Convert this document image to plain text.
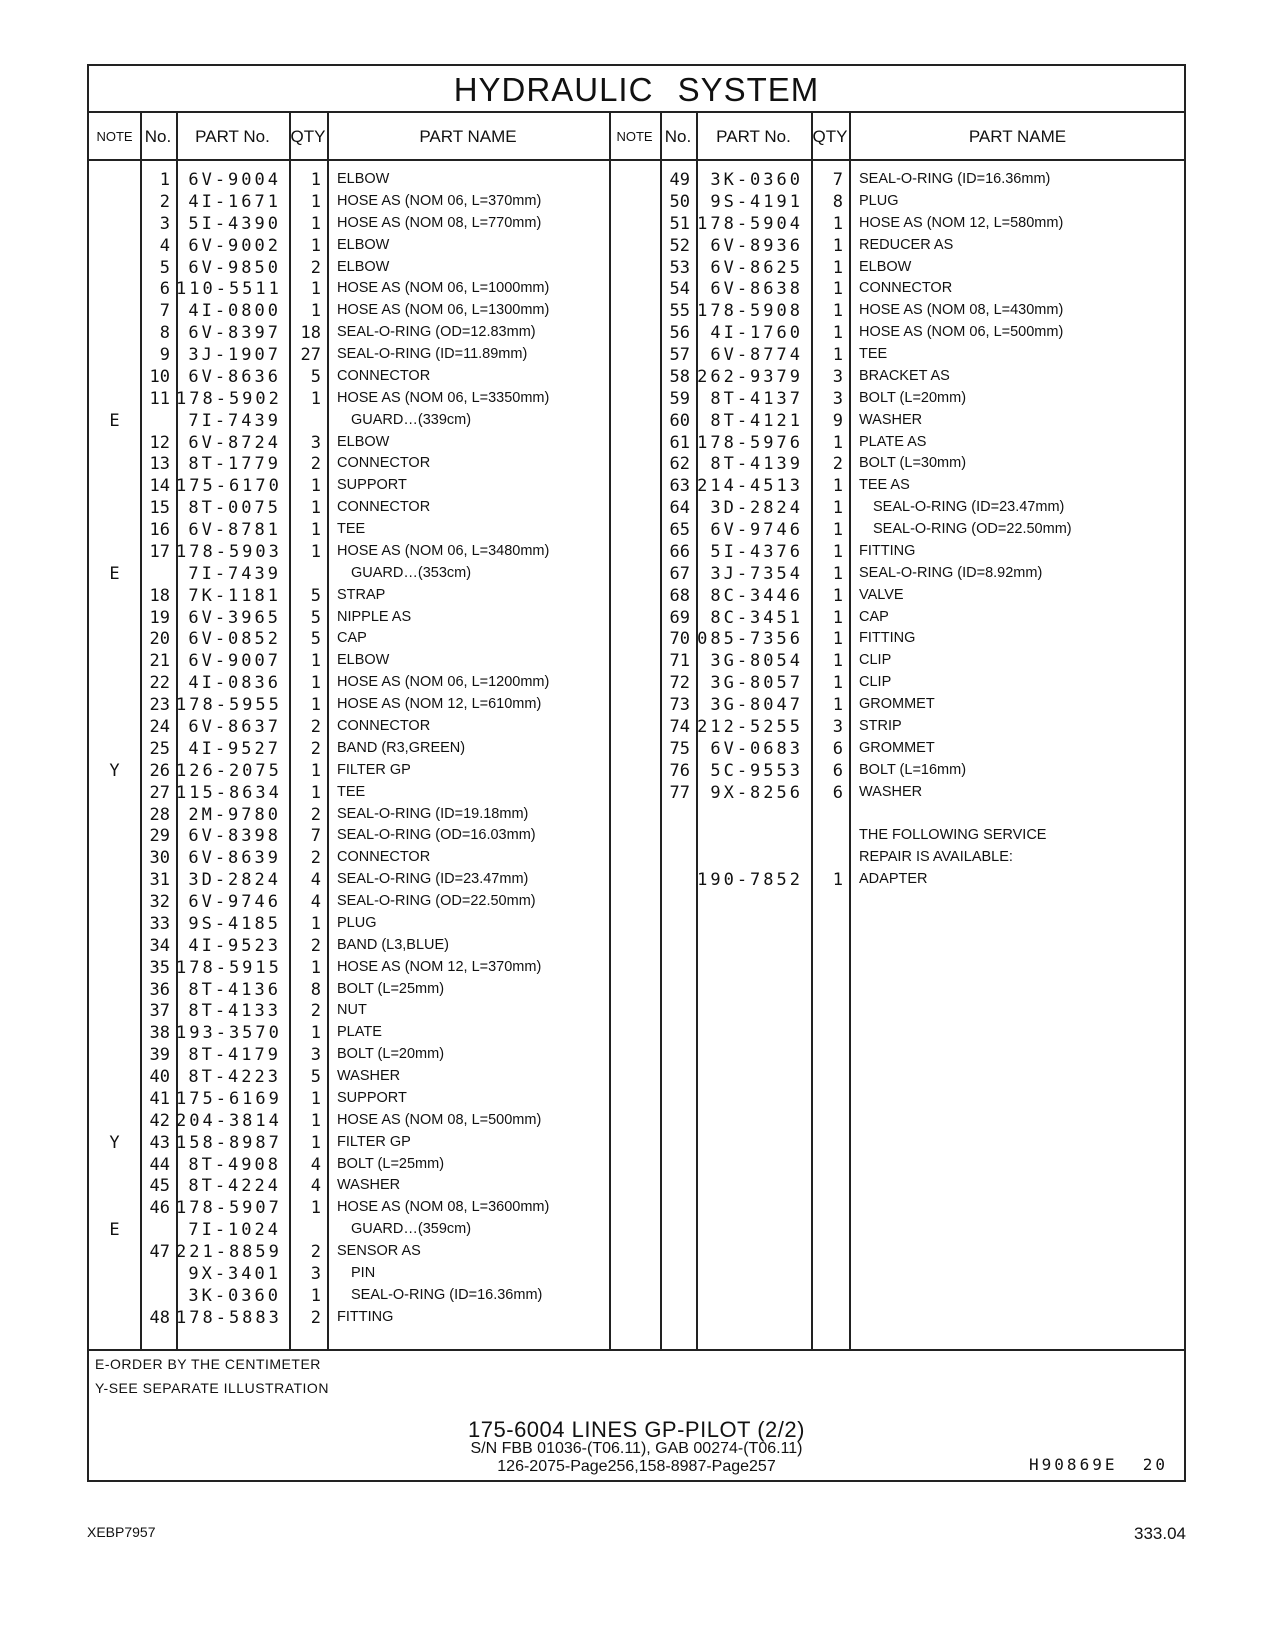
HYDRAULIC SYSTEM
NOTE No.	PART No.	QTY	PART NAME	NOTE No.	PART No.	QTY	PART NAME
1	6V-9004	1 ELBOW
2	4I-1671	1 HOSE AS (NOM 06, L=370mm)
3	5I-4390	1 HOSE AS (NOM 08, L=770mm)
4	6V-9002	1 ELBOW
5	6V-9850	2 ELBOW
6 110-5511	1 HOSE AS (NOM 06, L=1000mm)
7	4I-0800	1 HOSE AS (NOM 06, L=1300mm)
8	6V-8397	18 SEAL-O-RING (OD=12.83mm)
9	3J-1907	27 SEAL-O-RING (ID=11.89mm)
10	6V-8636	5 CONNECTOR
11 178-5902	1 HOSE AS (NOM 06, L=3350mm)
E	7I-7439	GUARD…(339cm)
12	6V-8724	3 ELBOW
13	8T-1779	2 CONNECTOR
14 175-6170	1 SUPPORT
15	8T-0075	1 CONNECTOR
16	6V-8781	1 TEE
17 178-5903	1 HOSE AS (NOM 06, L=3480mm)
E	7I-7439	GUARD…(353cm)
18	7K-1181	5 STRAP
19	6V-3965	5 NIPPLE AS
20	6V-0852	5 CAP
21	6V-9007	1 ELBOW
22	4I-0836	1 HOSE AS (NOM 06, L=1200mm)
23 178-5955	1 HOSE AS (NOM 12, L=610mm)
24	6V-8637	2 CONNECTOR
25	4I-9527	2 BAND (R3,GREEN)
Y	26 126-2075	1 FILTER GP
27 115-8634	1 TEE
28	2M-9780	2 SEAL-O-RING (ID=19.18mm)
29	6V-8398	7 SEAL-O-RING (OD=16.03mm)
30	6V-8639	2 CONNECTOR
31	3D-2824	4 SEAL-O-RING (ID=23.47mm)
32	6V-9746	4 SEAL-O-RING (OD=22.50mm)
33	9S-4185	1 PLUG
34	4I-9523	2 BAND (L3,BLUE)
35 178-5915	1 HOSE AS (NOM 12, L=370mm)
36	8T-4136	8 BOLT (L=25mm)
37	8T-4133	2 NUT
38 193-3570	1 PLATE
39	8T-4179	3 BOLT (L=20mm)
40	8T-4223	5 WASHER
41 175-6169	1 SUPPORT
42 204-3814	1 HOSE AS (NOM 08, L=500mm)
Y	43 158-8987	1 FILTER GP
44	8T-4908	4 BOLT (L=25mm)
45	8T-4224	4 WASHER
46 178-5907	1 HOSE AS (NOM 08, L=3600mm)
E	7I-1024	GUARD…(359cm)
47 221-8859	2 SENSOR AS
9X-3401	3 PIN
3K-0360	1 SEAL-O-RING (ID=16.36mm)
48 178-5883	2 FITTING
49	3K-0360	7 SEAL-O-RING (ID=16.36mm)
50	9S-4191	8 PLUG
51 178-5904	1 HOSE AS (NOM 12, L=580mm)
52	6V-8936	1 REDUCER AS
53	6V-8625	1 ELBOW
54	6V-8638	1 CONNECTOR
55 178-5908	1 HOSE AS (NOM 08, L=430mm)
56	4I-1760	1 HOSE AS (NOM 06, L=500mm)
57	6V-8774	1 TEE
58 262-9379	3 BRACKET AS
59	8T-4137	3 BOLT (L=20mm)
60	8T-4121	9 WASHER
61 178-5976	1 PLATE AS
62	8T-4139	2 BOLT (L=30mm)
63 214-4513	1 TEE AS
64	3D-2824	1 SEAL-O-RING (ID=23.47mm)
65	6V-9746	1 SEAL-O-RING (OD=22.50mm)
66	5I-4376	1 FITTING
67	3J-7354	1 SEAL-O-RING (ID=8.92mm)
68	8C-3446	1 VALVE
69	8C-3451	1 CAP
70 085-7356	1 FITTING
71	3G-8054	1 CLIP
72	3G-8057	1 CLIP
73	3G-8047	1 GROMMET
74 212-5255	3 STRIP
75	6V-0683	6 GROMMET
76	5C-9553	6 BOLT (L=16mm)
77	9X-8256	6 WASHER
THE FOLLOWING SERVICE
REPAIR IS AVAILABLE:
190-7852	1 ADAPTER
E-ORDER BY THE CENTIMETER
Y-SEE SEPARATE ILLUSTRATION
H90869E 20
175-6004 LINES GP-PILOT (2/2)
S/N FBB 01036-(T06.11), GAB 00274-(T06.11)
126-2075-Page256,158-8987-Page257
XEBP7957	333.04
